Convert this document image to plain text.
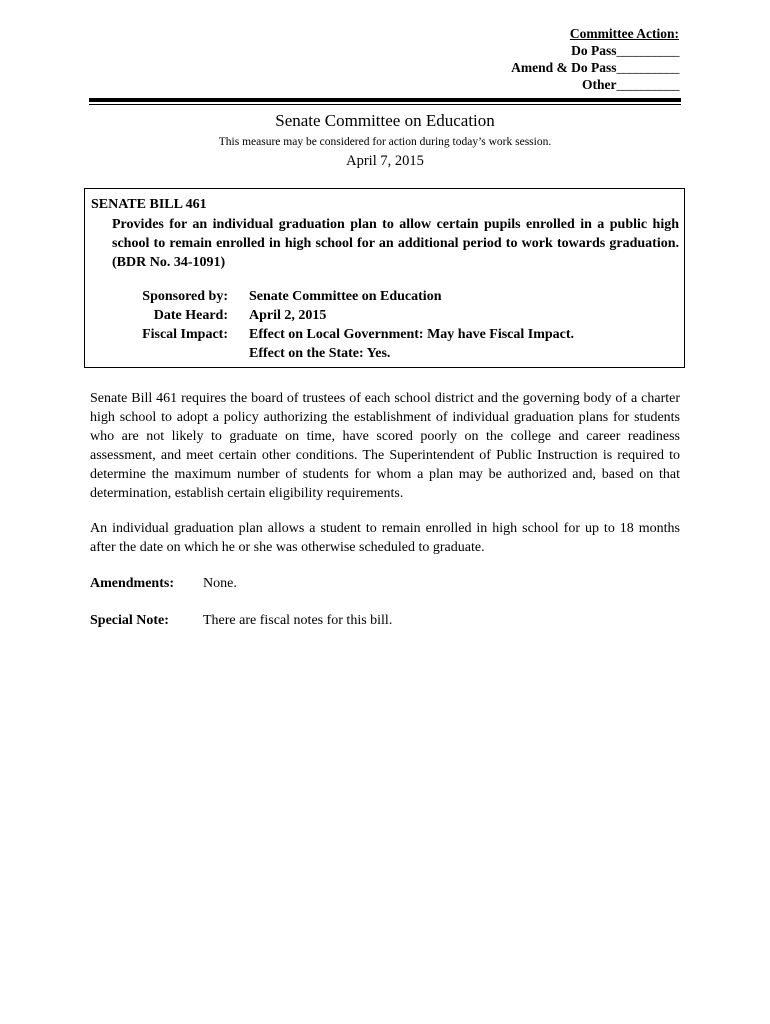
Committee Action:
Do Pass__________
Amend & Do Pass__________
Other__________
Senate Committee on Education
This measure may be considered for action during today’s work session.
April 7, 2015
SENATE BILL 461
Provides for an individual graduation plan to allow certain pupils enrolled in a public high school to remain enrolled in high school for an additional period to work towards graduation. (BDR No. 34-1091)
Sponsored by: Senate Committee on Education
Date Heard: April 2, 2015
Fiscal Impact: Effect on Local Government: May have Fiscal Impact.
Effect on the State: Yes.
Senate Bill 461 requires the board of trustees of each school district and the governing body of a charter high school to adopt a policy authorizing the establishment of individual graduation plans for students who are not likely to graduate on time, have scored poorly on the college and career readiness assessment, and meet certain other conditions. The Superintendent of Public Instruction is required to determine the maximum number of students for whom a plan may be authorized and, based on that determination, establish certain eligibility requirements.
An individual graduation plan allows a student to remain enrolled in high school for up to 18 months after the date on which he or she was otherwise scheduled to graduate.
Amendments: None.
Special Note: There are fiscal notes for this bill.
